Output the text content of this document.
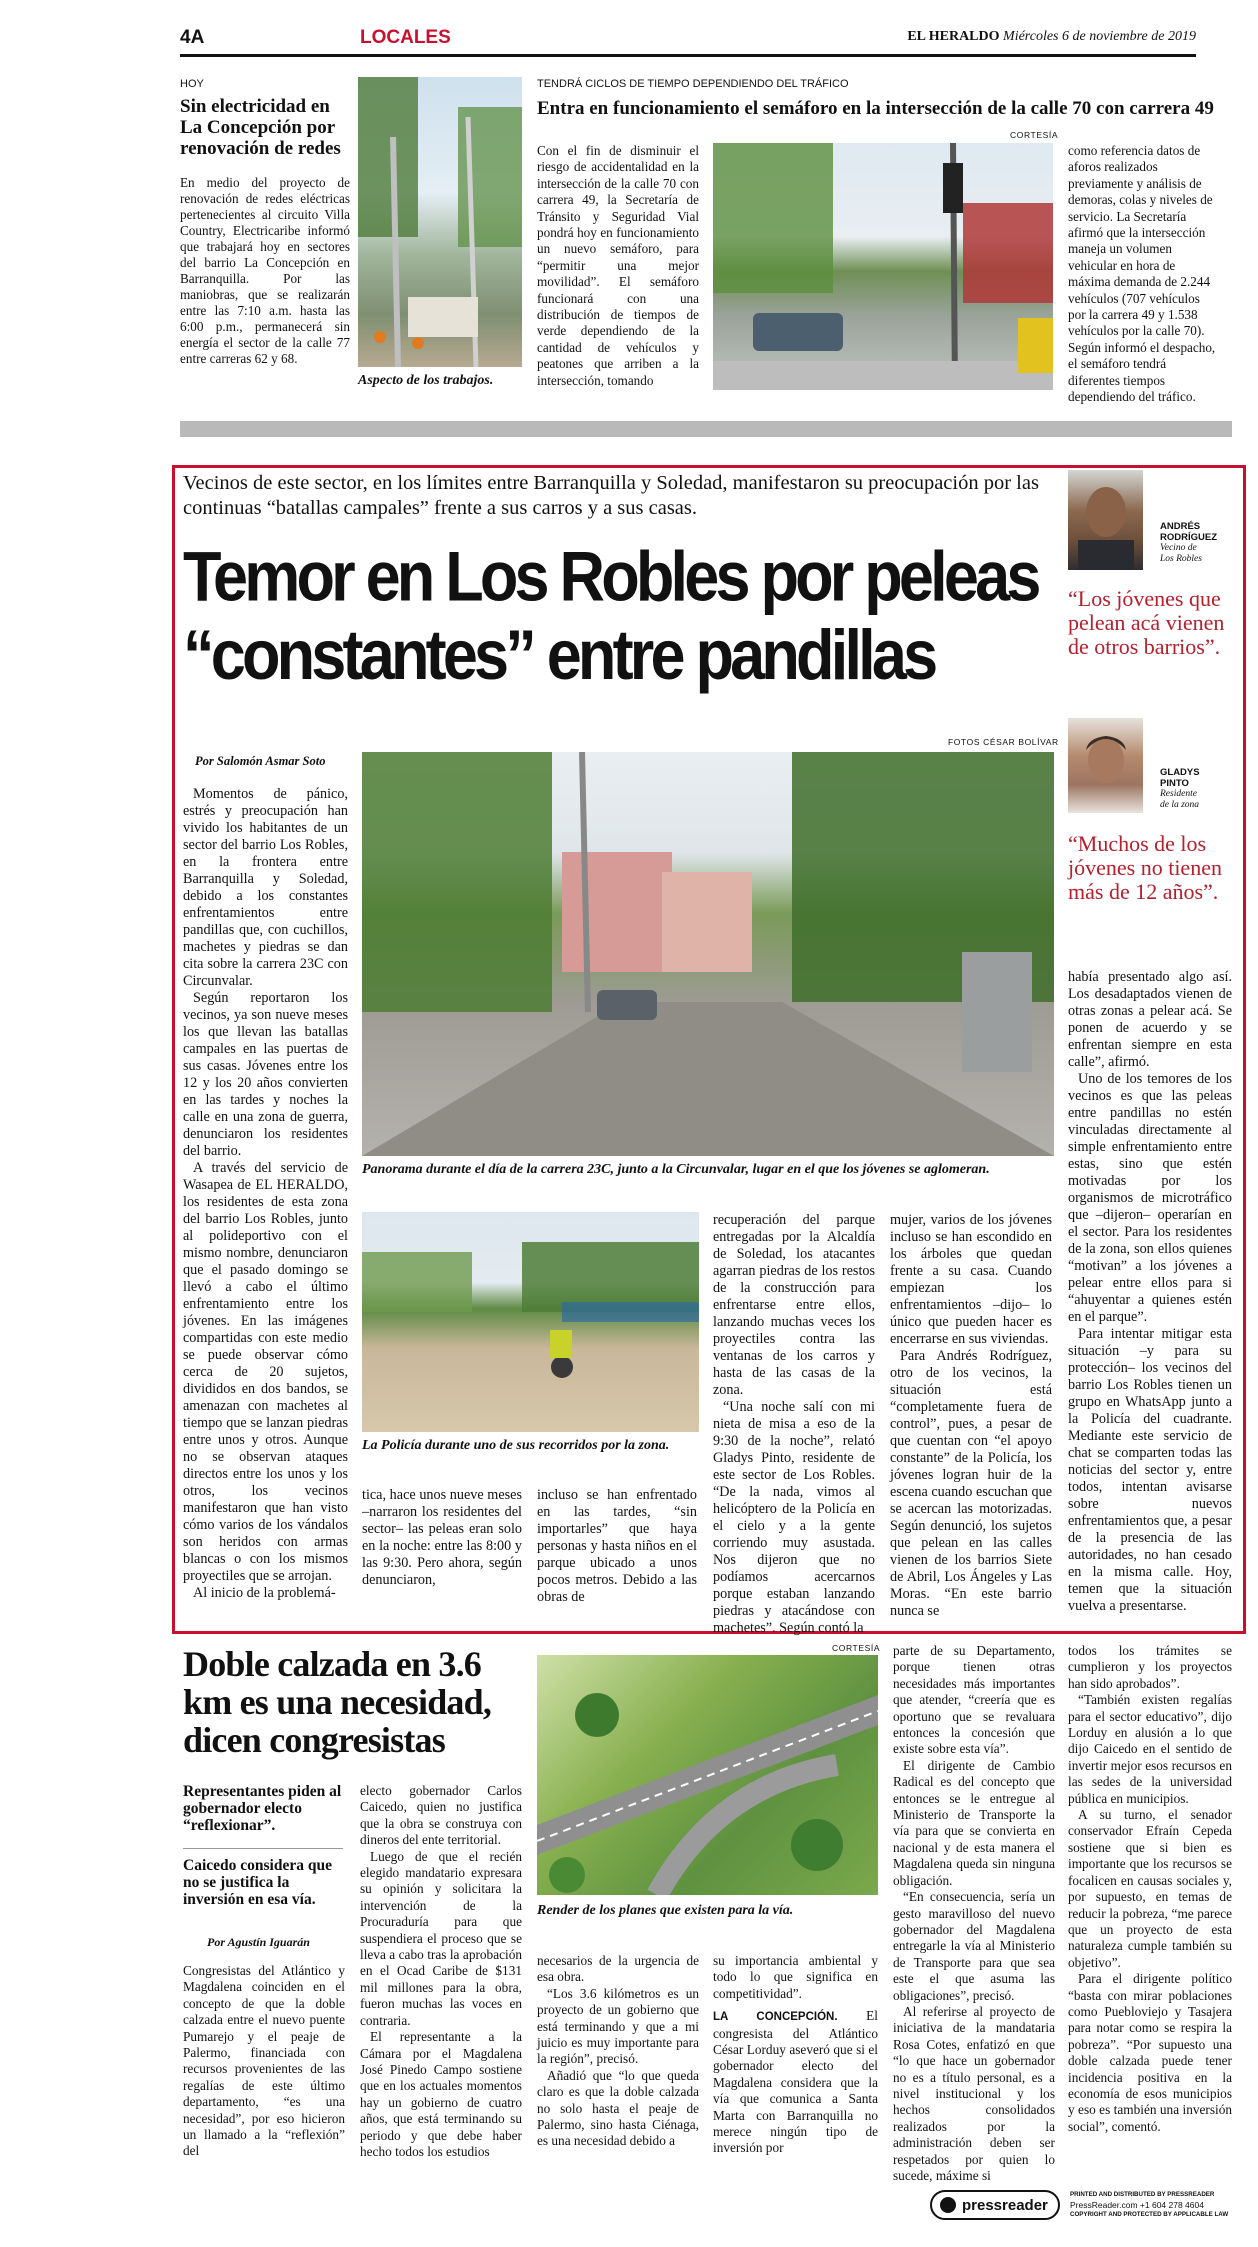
4A	LOCALES	EL HERALDO Miércoles 6 de noviembre de 2019
HOY
Sin electricidad en La Concepción por renovación de redes
En medio del proyecto de renovación de redes eléctricas pertenecientes al circuito Villa Country, Electricaribe informó que trabajará hoy en sectores del barrio La Concepción en Barranquilla. Por las maniobras, que se realizarán entre las 7:10 a.m. hasta las 6:00 p.m., permanecerá sin energía el sector de la calle 77 entre carreras 62 y 68.
Aspecto de los trabajos.
TENDRÁ CICLOS DE TIEMPO DEPENDIENDO DEL TRÁFICO
Entra en funcionamiento el semáforo en la intersección de la calle 70 con carrera 49
CORTESÍA
Con el fin de disminuir el riesgo de accidentalidad en la intersección de la calle 70 con carrera 49, la Secretaría de Tránsito y Seguridad Vial pondrá hoy en funcionamiento un nuevo semáforo, para “permitir una mejor movilidad”. El semáforo funcionará con una distribución de tiempos de verde dependiendo de la cantidad de vehículos y peatones que arriben a la intersección, tomando
como referencia datos de aforos realizados previamente y análisis de demoras, colas y niveles de servicio. La Secretaría afirmó que la intersección maneja un volumen vehicular en hora de máxima demanda de 2.244 vehículos (707 vehículos por la carrera 49 y 1.538 vehículos por la calle 70). Según informó el despacho, el semáforo tendrá diferentes tiempos dependiendo del tráfico.
Vecinos de este sector, en los límites entre Barranquilla y Soledad, manifestaron su preocupación por las continuas “batallas campales” frente a sus carros y a sus casas.
Temor en Los Robles por peleas
“constantes” entre pandillas
Por Salomón Asmar Soto
FOTOS CÉSAR BOLÍVAR
Panorama durante el día de la carrera 23C, junto a la Circunvalar, lugar en el que los jóvenes se aglomeran.
La Policía durante uno de sus recorridos por la zona.

Momentos de pánico, estrés y preocupación han vivido los habitantes de un sector del barrio Los Robles, en la frontera entre Barranquilla y Soledad, debido a los constantes enfrentamientos entre pandillas que, con cuchillos, machetes y piedras se dan cita sobre la carrera 23C con Circunvalar.

Según reportaron los vecinos, ya son nueve meses los que llevan las batallas campales en las puertas de sus casas. Jóvenes entre los 12 y los 20 años convierten en las tardes y noches la calle en una zona de guerra, denunciaron los residentes del barrio.

A través del servicio de Wasapea de EL HERALDO, los residentes de esta zona del barrio Los Robles, junto al polideportivo con el mismo nombre, denunciaron que el pasado domingo se llevó a cabo el último enfrentamiento entre los jóvenes. En las imágenes compartidas con este medio se puede observar cómo cerca de 20 sujetos, divididos en dos bandos, se amenazan con machetes al tiempo que se lanzan piedras entre unos y otros. Aunque no se observan ataques directos entre los unos y los otros, los vecinos manifestaron que han visto cómo varios de los vándalos son heridos con armas blancas o con los mismos proyectiles que se arrojan.

Al inicio de la problemá-

tica, hace unos nueve meses –narraron los residentes del sector– las peleas eran solo en la noche: entre las 8:00 y las 9:30. Pero ahora, según denunciaron,

incluso se han enfrentado en las tardes, “sin importarles” que haya personas y hasta niños en el parque ubicado a unos pocos metros. Debido a las obras de

recuperación del parque entregadas por la Alcaldía de Soledad, los atacantes agarran piedras de los restos de la construcción para enfrentarse entre ellos, lanzando muchas veces los proyectiles contra las ventanas de los carros y hasta de las casas de la zona.

“Una noche salí con mi nieta de misa a eso de la 9:30 de la noche”, relató Gladys Pinto, residente de este sector de Los Robles. “De la nada, vimos al helicóptero de la Policía en el cielo y a la gente corriendo muy asustada. Nos dijeron que no podíamos acercarnos porque estaban lanzando piedras y atacándose con machetes”. Según contó la

mujer, varios de los jóvenes incluso se han escondido en los árboles que quedan frente a su casa. Cuando empiezan los enfrentamientos –dijo– lo único que pueden hacer es encerrarse en sus viviendas.

Para Andrés Rodríguez, otro de los vecinos, la situación está “completamente fuera de control”, pues, a pesar de que cuentan con “el apoyo constante” de la Policía, los jóvenes logran huir de la escena cuando escuchan que se acercan las motorizadas. Según denunció, los sujetos que pelean en las calles vienen de los barrios Siete de Abril, Los Ángeles y Las Moras. “En este barrio nunca se

ANDRÉS
RODRÍGUEZ
Vecino de
Los Robles
“Los jóvenes que pelean acá vienen de otros barrios”.
GLADYS
PINTO
Residente
de la zona
“Muchos de los jóvenes no tienen más de 12 años”.

había presentado algo así. Los desadaptados vienen de otras zonas a pelear acá. Se ponen de acuerdo y se enfrentan siempre en esta calle”, afirmó.

Uno de los temores de los vecinos es que las peleas entre pandillas no estén vinculadas directamente al simple enfrentamiento entre estas, sino que estén motivadas por los organismos de microtráfico que –dijeron– operarían en el sector. Para los residentes de la zona, son ellos quienes “motivan” a los jóvenes a pelear entre ellos para si “ahuyentar a quienes estén en el parque”.

Para intentar mitigar esta situación –y para su protección– los vecinos del barrio Los Robles tienen un grupo en WhatsApp junto a la Policía del cuadrante. Mediante este servicio de chat se comparten todas las noticias del sector y, entre todos, intentan avisarse sobre nuevos enfrentamientos que, a pesar de la presencia de las autoridades, no han cesado en la misma calle. Hoy, temen que la situación vuelva a presentarse.

Doble calzada en 3.6 km es una necesidad, dicen congresistas
Representantes piden al gobernador electo “reflexionar”.
Caicedo considera que no se justifica la inversión en esa vía.
Por Agustín Iguarán

Congresistas del Atlántico y Magdalena coinciden en el concepto de que la doble calzada entre el nuevo puente Pumarejo y el peaje de Palermo, financiada con recursos provenientes de las regalías de este último departamento, “es una necesidad”, por eso hicieron un llamado a la “reflexión” del

electo gobernador Carlos Caicedo, quien no justifica que la obra se construya con dineros del ente territorial.

Luego de que el recién elegido mandatario expresara su opinión y solicitara la intervención de la Procuraduría para que suspendiera el proceso que se lleva a cabo tras la aprobación en el Ocad Caribe de $131 mil millones para la obra, fueron muchas las voces en contraria.

El representante a la Cámara por el Magdalena José Pinedo Campo sostiene que en los actuales momentos hay un gobierno de cuatro años, que está terminando su periodo y que debe haber hecho todos los estudios

CORTESÍA
Render de los planes que existen para la vía.

necesarios de la urgencia de esa obra.

“Los 3.6 kilómetros es un proyecto de un gobierno que está terminando y que a mi juicio es muy importante para la región”, precisó.

Añadió que “lo que queda claro es que la doble calzada no solo hasta el peaje de Palermo, sino hasta Ciénaga, es una necesidad debido a

su importancia ambiental y todo lo que significa en competitividad”.

LA CONCEPCIÓN. El congresista del Atlántico César Lorduy aseveró que si el gobernador electo del Magdalena considera que la vía que comunica a Santa Marta con Barranquilla no merece ningún tipo de inversión por

parte de su Departamento, porque tienen otras necesidades más importantes que atender, “creería que es oportuno que se revaluara entonces la concesión que existe sobre esta vía”.

El dirigente de Cambio Radical es del concepto que entonces se le entregue al Ministerio de Transporte la vía para que se convierta en nacional y de esta manera el Magdalena queda sin ninguna obligación.

“En consecuencia, sería un gesto maravilloso del nuevo gobernador del Magdalena entregarle la vía al Ministerio de Transporte para que sea este el que asuma las obligaciones”, precisó.

Al referirse al proyecto de iniciativa de la mandataria Rosa Cotes, enfatizó en que “lo que hace un gobernador no es a título personal, es a nivel institucional y los hechos consolidados realizados por la administración deben ser respetados por quien lo sucede, máxime si

todos los trámites se cumplieron y los proyectos han sido aprobados”.

“También existen regalías para el sector educativo”, dijo Lorduy en alusión a lo que dijo Caicedo en el sentido de invertir mejor esos recursos en las sedes de la universidad pública en municipios.

A su turno, el senador conservador Efraín Cepeda sostiene que si bien es importante que los recursos se focalicen en causas sociales y, por supuesto, en temas de reducir la pobreza, “me parece que un proyecto de esta naturaleza cumple también su objetivo”.

Para el dirigente político “basta con mirar poblaciones como Puebloviejo y Tasajera para notar como se respira la pobreza”. “Por supuesto una doble calzada puede tener incidencia positiva en la economía de esos municipios y eso es también una inversión social”, comentó.

pressreader
PRINTED AND DISTRIBUTED BY PRESSREADER
PressReader.com +1 604 278 4604
COPYRIGHT AND PROTECTED BY APPLICABLE LAW
